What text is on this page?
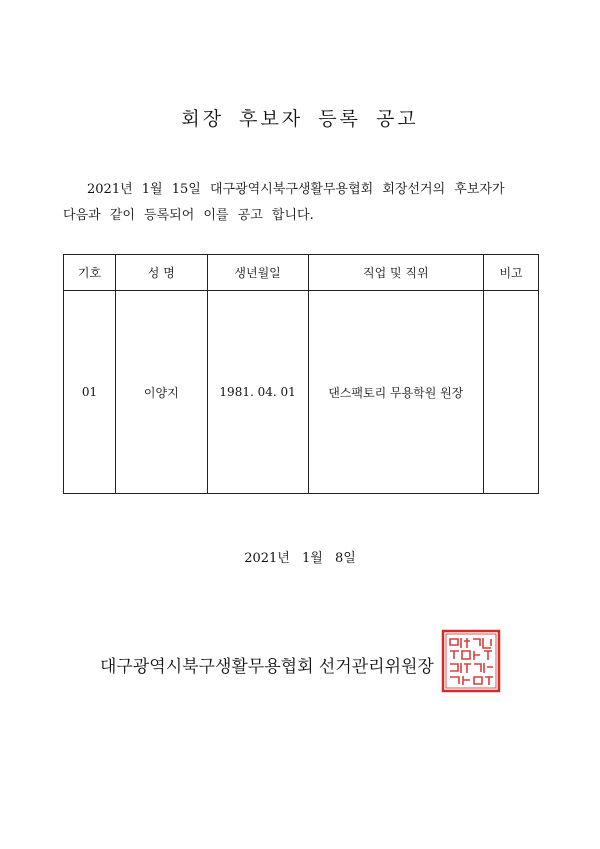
회장 후보자 등록 공고
2021년 1월 15일 대구광역시북구생활무용협회 회장선거의 후보자가
다음과 같이 등록되어 이를 공고 합니다.
기호	성 명	생년월일	직업 및 직위	비고
01	이양지	1981. 04. 01	댄스팩토리 무용학원 원장	
2021년 1월 8일
대구광역시북구생활무용협회 선거관리위원장
